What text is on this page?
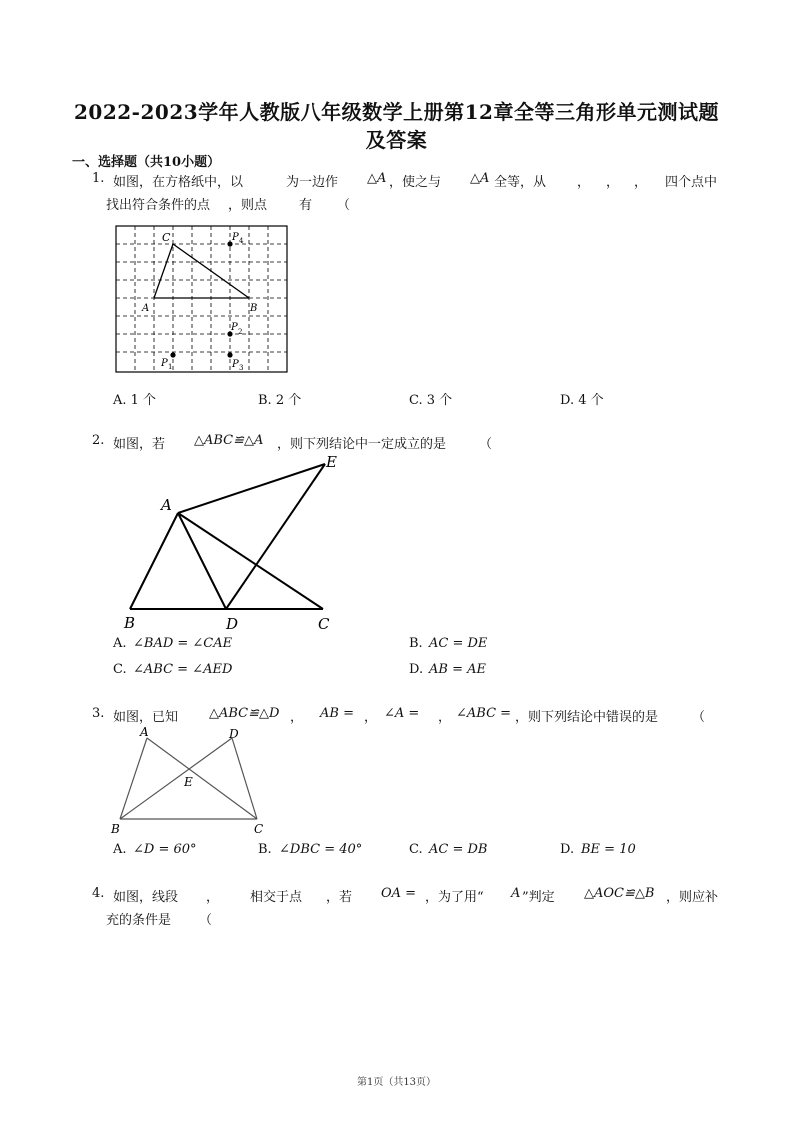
2022-2023学年人教版八年级数学上册第12章全等三角形单元测试题
及答案
一、选择题（共10小题）
1. 如图，在方格纸中，以	为一边作 △A ，使之与 △A 全等，从 ， ， ， 四个点中
找出符合条件的点 ，则点 有 （
C
A	B
P 4
P 2
P 1	P 3
A. 1 个	B. 2 个	C. 3 个	D. 4 个
2. 如图，若 △ABC≌△A ，则下列结论中一定成立的是	（
A
B	D	C
E
A. ∠BAD = ∠CAE	B. AC = DE
C. ∠ABC = ∠AED	D. AB = AE
3. 如图，已知 △ABC≌△D ， AB = ， ∠A = ， ∠ABC = ，则下列结论中错误的是	（
A	D
E
B	C
A. ∠D = 60°	B. ∠DBC = 40°	C. AC = DB	D. BE = 10
4. 如图，线段 ， 相交于点 ，若 OA = ，为了用“ A ”判定 △AOC≌△B ，则应补
充的条件是 （
第1页（共13页）
